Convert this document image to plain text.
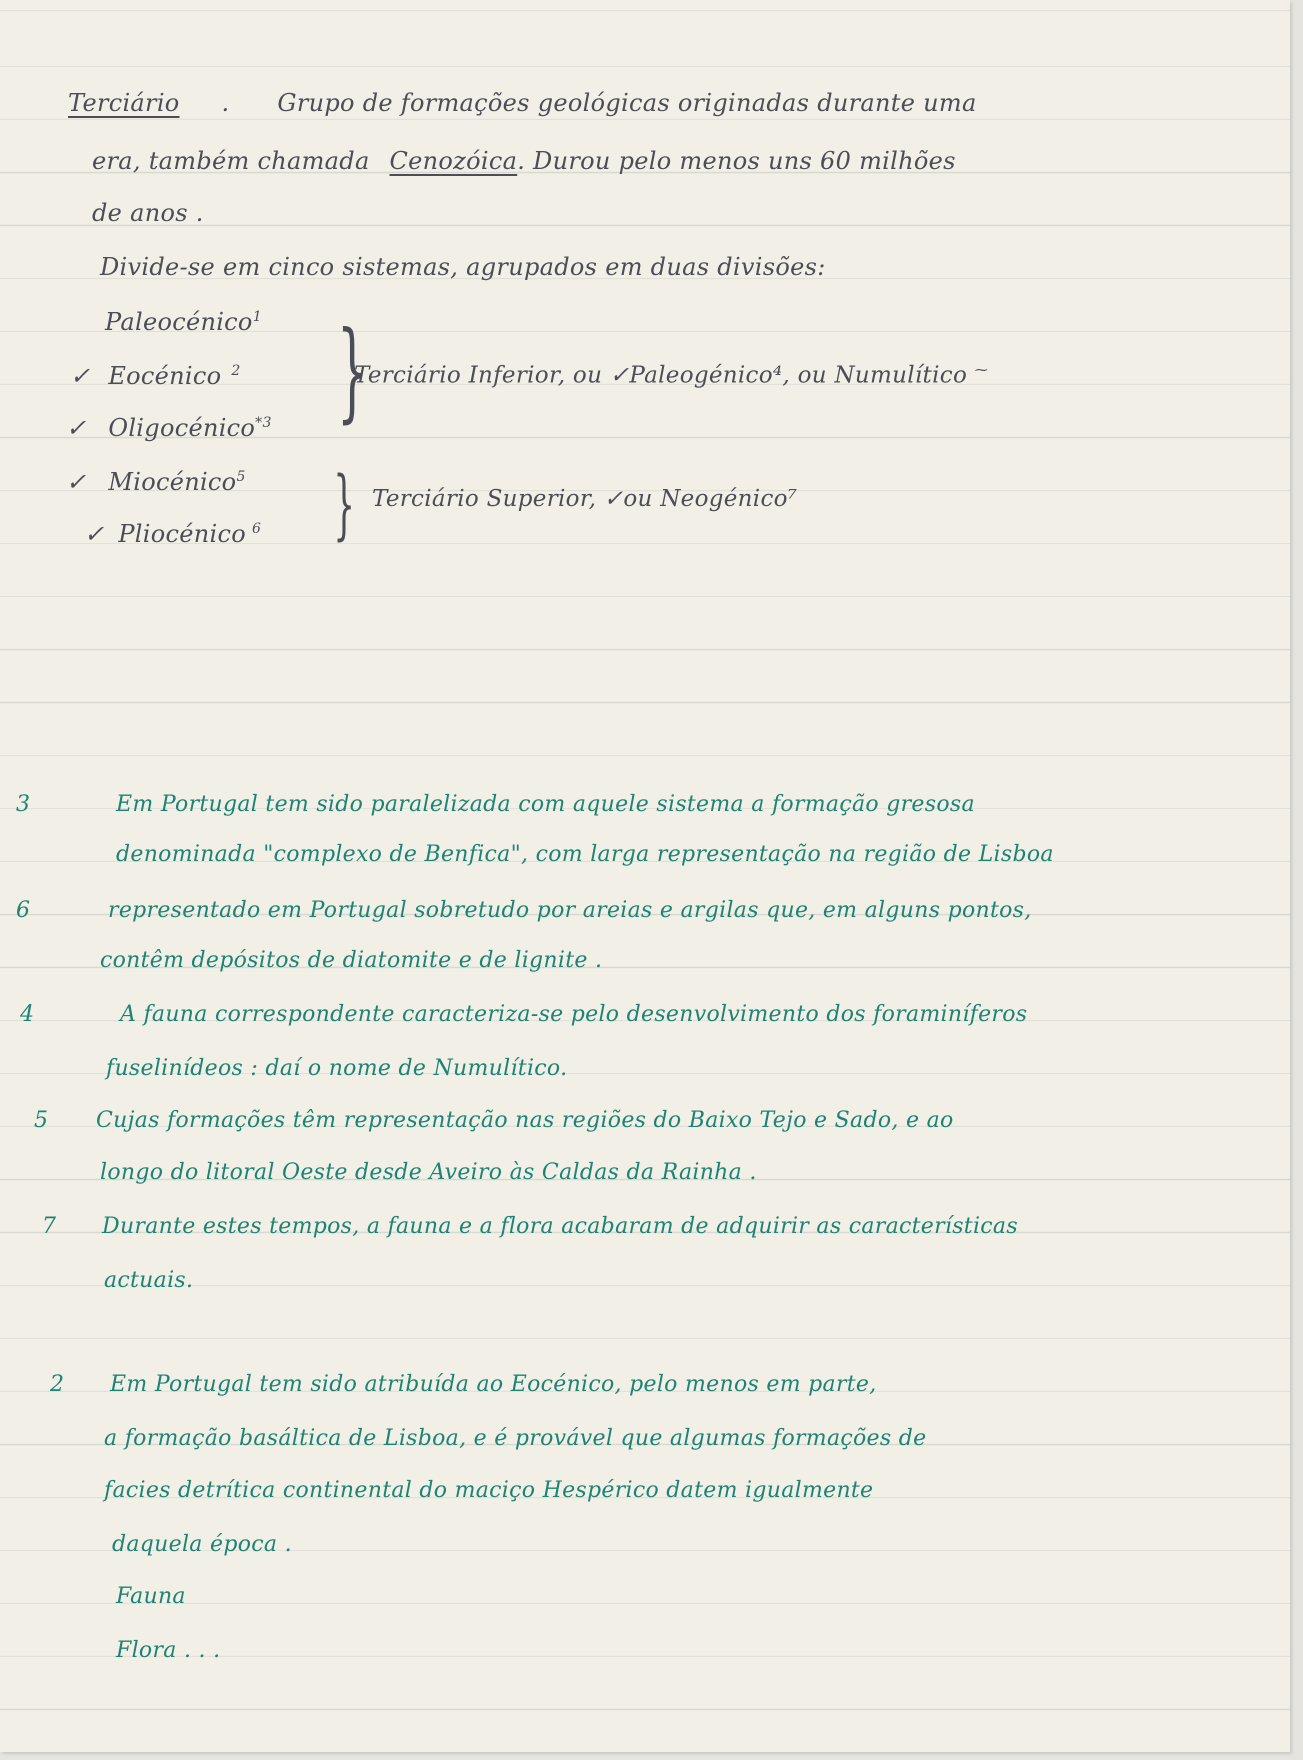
Terciário . Grupo de formações geológicas originadas durante uma
era, também chamada Cenozóica. Durou pelo menos uns 60 milhões
de anos .
Divide-se em cinco sistemas, agrupados em duas divisões:
Paleocénico$^1$
✓ Eocénico $^2$
✓ Oligocénico$^{*3}$
✓ Miocénico$^5$
✓ Pliocénico $^6$
}
}
Terciário Inferior, ou ✓Paleogénico⁴, ou Numulítico ⁓
Terciário Superior, ✓ou Neogénico⁷
3	Em Portugal tem sido paralelizada com aquele sistema a formação gresosa
denominada "complexo de Benfica", com larga representação na região de Lisboa
6	representado em Portugal sobretudo por areias e argilas que, em alguns pontos,
contêm depósitos de diatomite e de lignite .
4	A fauna correspondente caracteriza-se pelo desenvolvimento dos foraminíferos
fuselinídeos : daí o nome de Numulítico.
5 Cujas formações têm representação nas regiões do Baixo Tejo e Sado, e ao
longo do litoral Oeste desde Aveiro às Caldas da Rainha .
7 Durante estes tempos, a fauna e a flora acabaram de adquirir as características
actuais.
2 Em Portugal tem sido atribuída ao Eocénico, pelo menos em parte,
a formação basáltica de Lisboa, e é provável que algumas formações de
facies detrítica continental do maciço Hespérico datem igualmente
daquela época .
Fauna
Flora . . .
